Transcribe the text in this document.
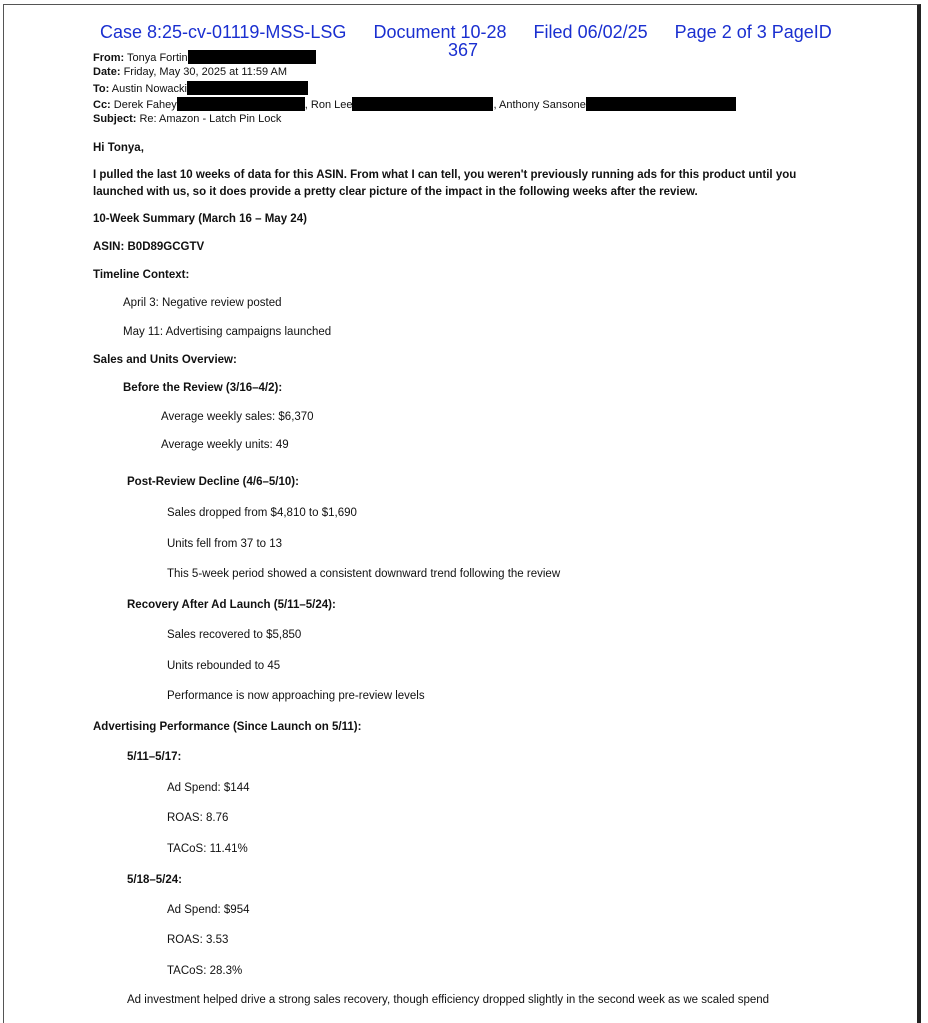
Case 8:25-cv-01119-MSS-LSG Document 10-28 Filed 06/02/25 Page 2 of 3 PageID
367
From: Tonya Fortin
Date: Friday, May 30, 2025 at 11:59 AM
To: Austin Nowacki
Cc: Derek Fahey	, Ron Lee	, Anthony Sansone
Subject: Re: Amazon - Latch Pin Lock
Hi Tonya,
I pulled the last 10 weeks of data for this ASIN. From what I can tell, you weren't previously running ads for this product until you launched with us, so it does provide a pretty clear picture of the impact in the following weeks after the review.
10-Week Summary (March 16 – May 24)
ASIN: B0D89GCGTV
Timeline Context:
April 3: Negative review posted
May 11: Advertising campaigns launched
Sales and Units Overview:
Before the Review (3/16–4/2):
Average weekly sales: $6,370
Average weekly units: 49
Post-Review Decline (4/6–5/10):
Sales dropped from $4,810 to $1,690
Units fell from 37 to 13
This 5-week period showed a consistent downward trend following the review
Recovery After Ad Launch (5/11–5/24):
Sales recovered to $5,850
Units rebounded to 45
Performance is now approaching pre-review levels
Advertising Performance (Since Launch on 5/11):
5/11–5/17:
Ad Spend: $144
ROAS: 8.76
TACoS: 11.41%
5/18–5/24:
Ad Spend: $954
ROAS: 3.53
TACoS: 28.3%
Ad investment helped drive a strong sales recovery, though efficiency dropped slightly in the second week as we scaled spend
